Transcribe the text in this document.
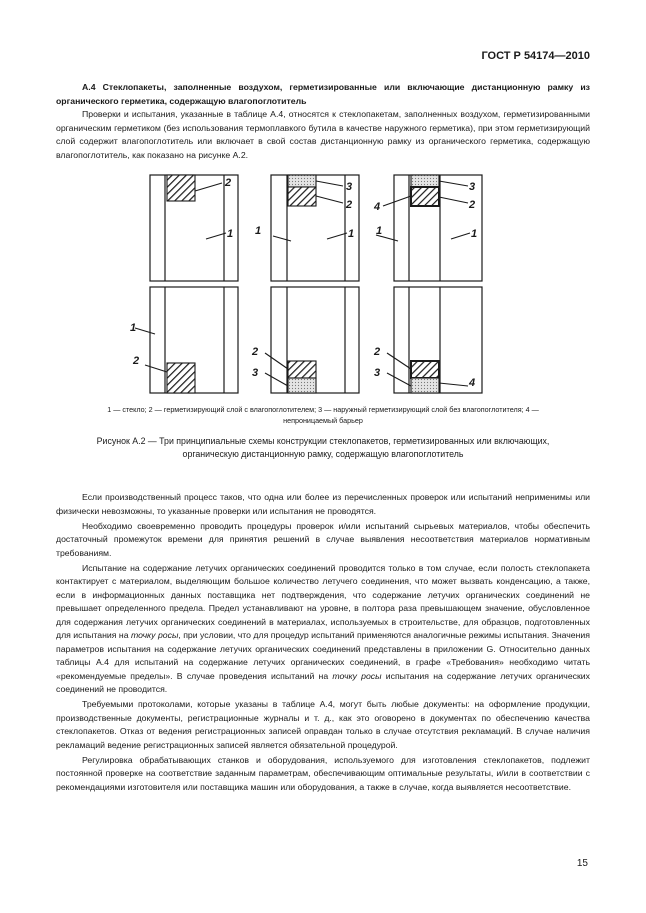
ГОСТ Р 54174—2010

А.4 Стеклопакеты, заполненные воздухом, герметизированные или включающие дистанционную рамку из органического герметика, содержащую влагопоглотитель

Проверки и испытания, указанные в таблице А.4, относятся к стеклопакетам, заполненных воздухом, герметизированными органическим герметиком (без использования термоплавкого бутила в качестве наружного герметика), при этом герметизирующий слой содержит влагопоглотитель или включает в свой состав дистанционную рамку из органического герметика, содержащую влагопоглотитель, как показано на рисунке А.2.

2
1
3
2
1	1
3
2
4
1	1
1
2
2
3
2
3
4
1 — стекло; 2 — герметизирующий слой с влагопоглотителем; 3 — наружный герметизирующий слой без влагопоглотителя; 4 — непроницаемый барьер
Рисунок А.2 — Три принципиальные схемы конструкции стеклопакетов, герметизированных или включающих, органическую дистанционную рамку, содержащую влагопоглотитель

Если производственный процесс таков, что одна или более из перечисленных проверок или испытаний неприменимы или физически невозможны, то указанные проверки или испытания не проводятся.

Необходимо своевременно проводить процедуры проверок и/или испытаний сырьевых материалов, чтобы обеспечить достаточный промежуток времени для принятия решений в случае выявления несоответствия материалов нормативным требованиям.

Испытание на содержание летучих органических соединений проводится только в том случае, если полость стеклопакета контактирует с материалом, выделяющим большое количество летучего соединения, что может вызвать конденсацию, а также, если в информационных данных поставщика нет подтверждения, что содержание летучих органических соединений не превышает определенного предела. Предел устанавливают на уровне, в полтора раза превышающем значение, обусловленное для содержания летучих органических соединений в материалах, используемых в строительстве, для образцов, подготовленных для испытания на точку росы, при условии, что для процедур испытаний применяются аналогичные режимы испытания. Значения параметров испытания на содержание летучих органических соединений представлены в приложении G. Относительно данных таблицы А.4 для испытаний на содержание летучих органических соединений, в графе «Требования» необходимо читать «рекомендуемые пределы». В случае проведения испытаний на точку росы испытания на содержание летучих органических соединений не проводится.

Требуемыми протоколами, которые указаны в таблице А.4, могут быть любые документы: на оформление продукции, производственные документы, регистрационные журналы и т. д., как это оговорено в документах по обеспечению качества стеклопакетов. Отказ от ведения регистрационных записей оправдан только в случае отсутствия рекламаций. В случае наличия рекламаций ведение регистрационных записей является обязательной процедурой.

Регулировка обрабатывающих станков и оборудования, используемого для изготовления стеклопакетов, подлежит постоянной проверке на соответствие заданным параметрам, обеспечивающим оптимальные результаты, и/или в соответствии с рекомендациями изготовителя или поставщика машин или оборудования, а также в случае, когда выявляется несоответствие.

15
